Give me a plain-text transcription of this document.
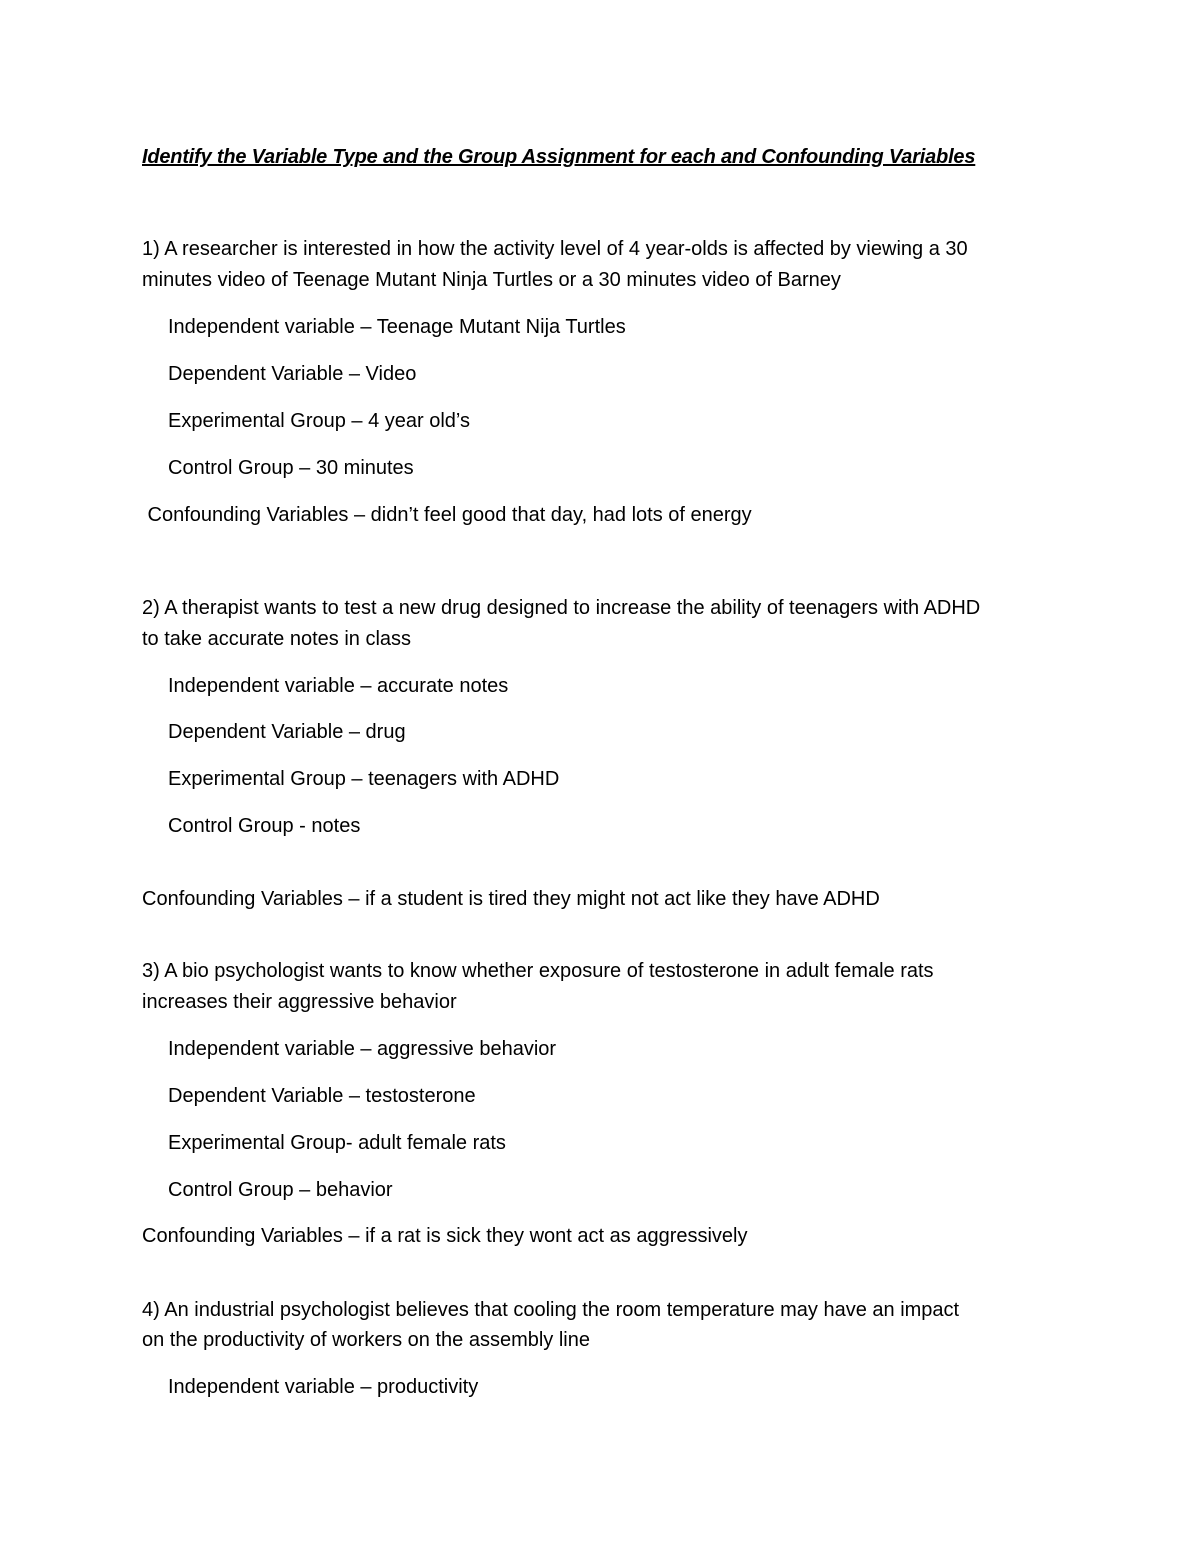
Identify the Variable Type and the Group Assignment for each and Confounding Variables

1) A researcher is interested in how the activity level of 4 year-olds is affected by viewing a 30

minutes video of Teenage Mutant Ninja Turtles or a 30 minutes video of Barney

Independent variable – Teenage Mutant Nija Turtles

Dependent Variable – Video

Experimental Group – 4 year old’s

Control Group – 30 minutes

Confounding Variables – didn’t feel good that day, had lots of energy

2) A therapist wants to test a new drug designed to increase the ability of teenagers with ADHD

to take accurate notes in class

Independent variable – accurate notes

Dependent Variable – drug

Experimental Group – teenagers with ADHD

Control Group - notes

Confounding Variables – if a student is tired they might not act like they have ADHD

3) A bio psychologist wants to know whether exposure of testosterone in adult female rats

increases their aggressive behavior

Independent variable – aggressive behavior

Dependent Variable – testosterone

Experimental Group- adult female rats

Control Group – behavior

Confounding Variables – if a rat is sick they wont act as aggressively

4) An industrial psychologist believes that cooling the room temperature may have an impact

on the productivity of workers on the assembly line

Independent variable – productivity
